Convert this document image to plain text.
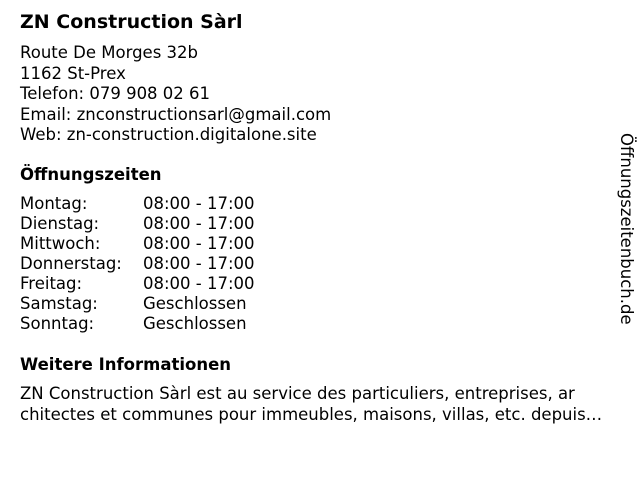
ZN Construction Sàrl
Route De Morges 32b
1162 St-Prex
Telefon: 079 908 02 61
Email: znconstructionsarl@gmail.com
Web: zn-construction.digitalone.site
Öffnungszeiten
Montag:	08:00 - 17:00
Dienstag:	08:00 - 17:00
Mittwoch:	08:00 - 17:00
Donnerstag: 08:00 - 17:00
Freitag:	08:00 - 17:00
Samstag:	Geschlossen
Sonntag:	Geschlossen
Weitere Informationen
ZN Construction Sàrl est au service des particuliers, entreprises, ar
chitectes et communes pour immeubles, maisons, villas, etc. depuis…
Öffnungszeitenbuch.de
